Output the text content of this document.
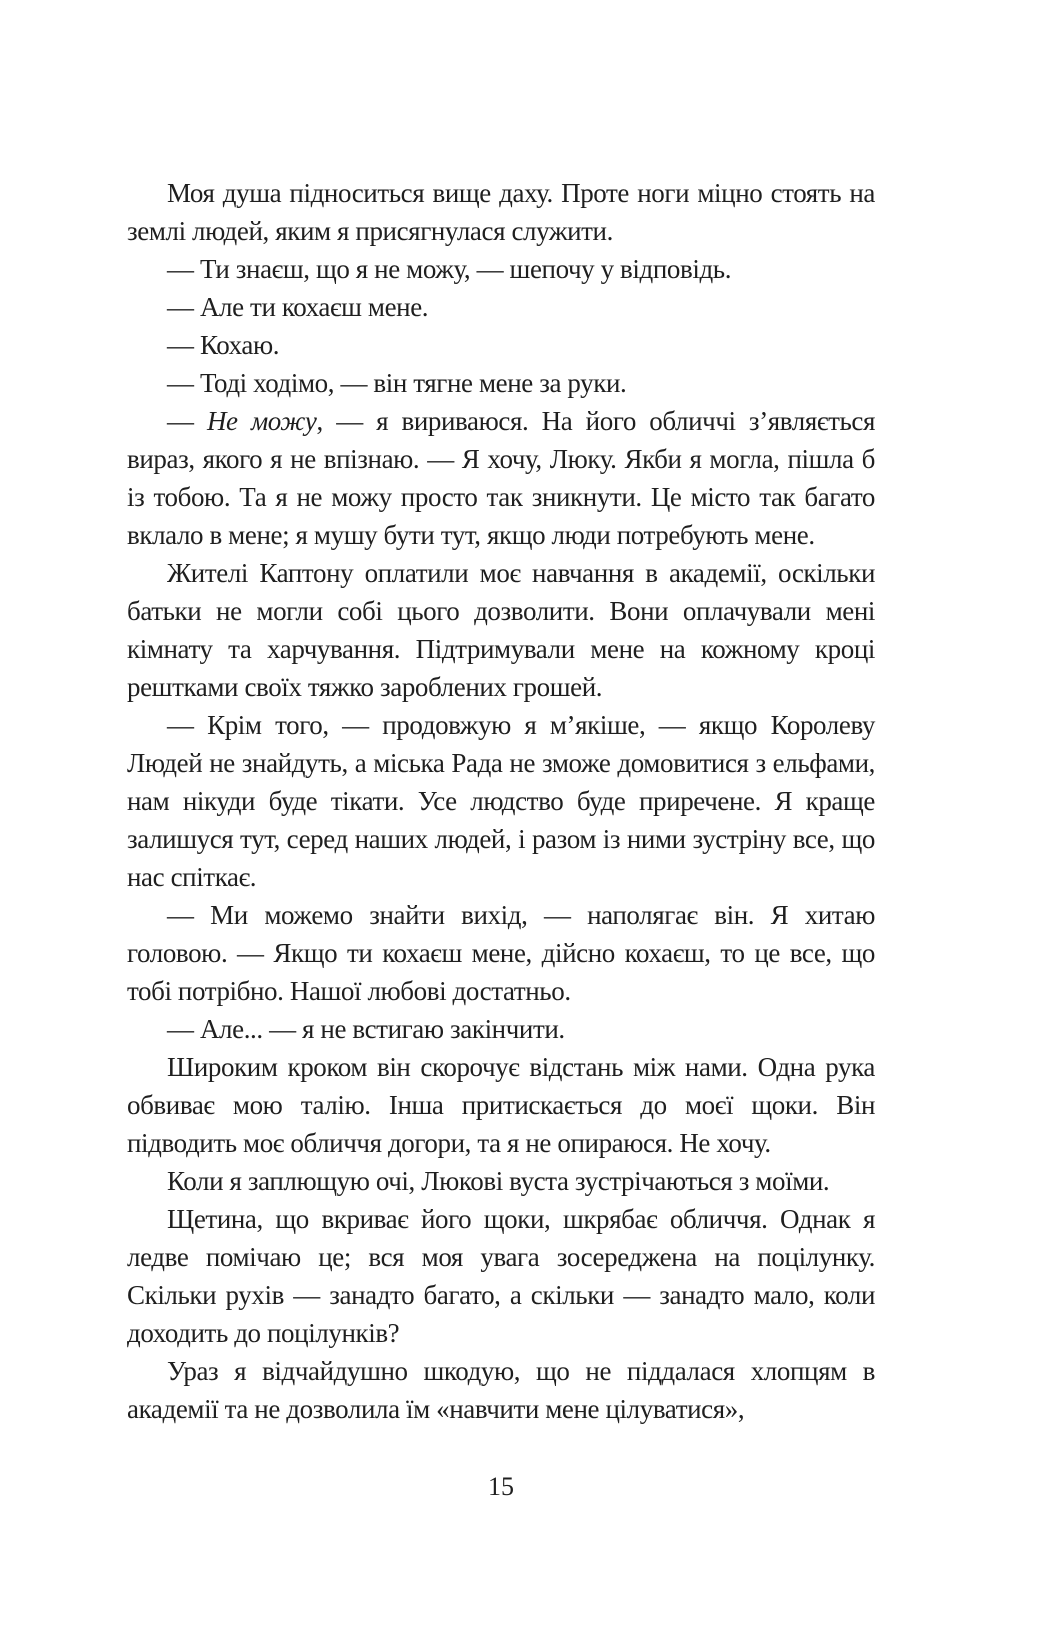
Моя душа підноситься вище даху. Проте ноги міцно стоять на землі людей, яким я присягнулася служити.

— Ти знаєш, що я не можу, — шепочу у відповідь.

— Але ти кохаєш мене.

— Кохаю.

— Тоді ходімо, — він тягне мене за руки.

— Не можу, — я вириваюся. На його обличчі з’являється вираз, якого я не впізнаю. — Я хочу, Люку. Якби я могла, пішла б із тобою. Та я не можу просто так зникнути. Це місто так багато вклало в мене; я мушу бути тут, якщо люди потребують мене.

Жителі Каптону оплатили моє навчання в академії, оскільки батьки не могли собі цього дозволити. Вони оплачували мені кімнату та харчування. Підтримували мене на кожному кроці рештками своїх тяжко зароблених грошей.

— Крім того, — продовжую я м’якіше, — якщо Королеву Людей не знайдуть, а міська Рада не зможе домовитися з ельфами, нам нікуди буде тікати. Усе людство буде приречене. Я краще залишуся тут, серед наших людей, і разом із ними зустріну все, що нас спіткає.

— Ми можемо знайти вихід, — наполягає він. Я хитаю головою. — Якщо ти кохаєш мене, дійсно кохаєш, то це все, що тобі потрібно. Нашої любові достатньо.

— Але... — я не встигаю закінчити.

Широким кроком він скорочує відстань між нами. Одна рука обвиває мою талію. Інша притискається до моєї щоки. Він підводить моє обличчя догори, та я не опираюся. Не хочу.

Коли я заплющую очі, Люкові вуста зустрічаються з моїми.

Щетина, що вкриває його щоки, шкрябає обличчя. Однак я ледве помічаю це; вся моя увага зосереджена на поцілунку. Скільки рухів — занадто багато, а скільки — занадто мало, коли доходить до поцілунків?

Ураз я відчайдушно шкодую, що не піддалася хлопцям в академії та не дозволила їм «навчити мене цілуватися»,

15
